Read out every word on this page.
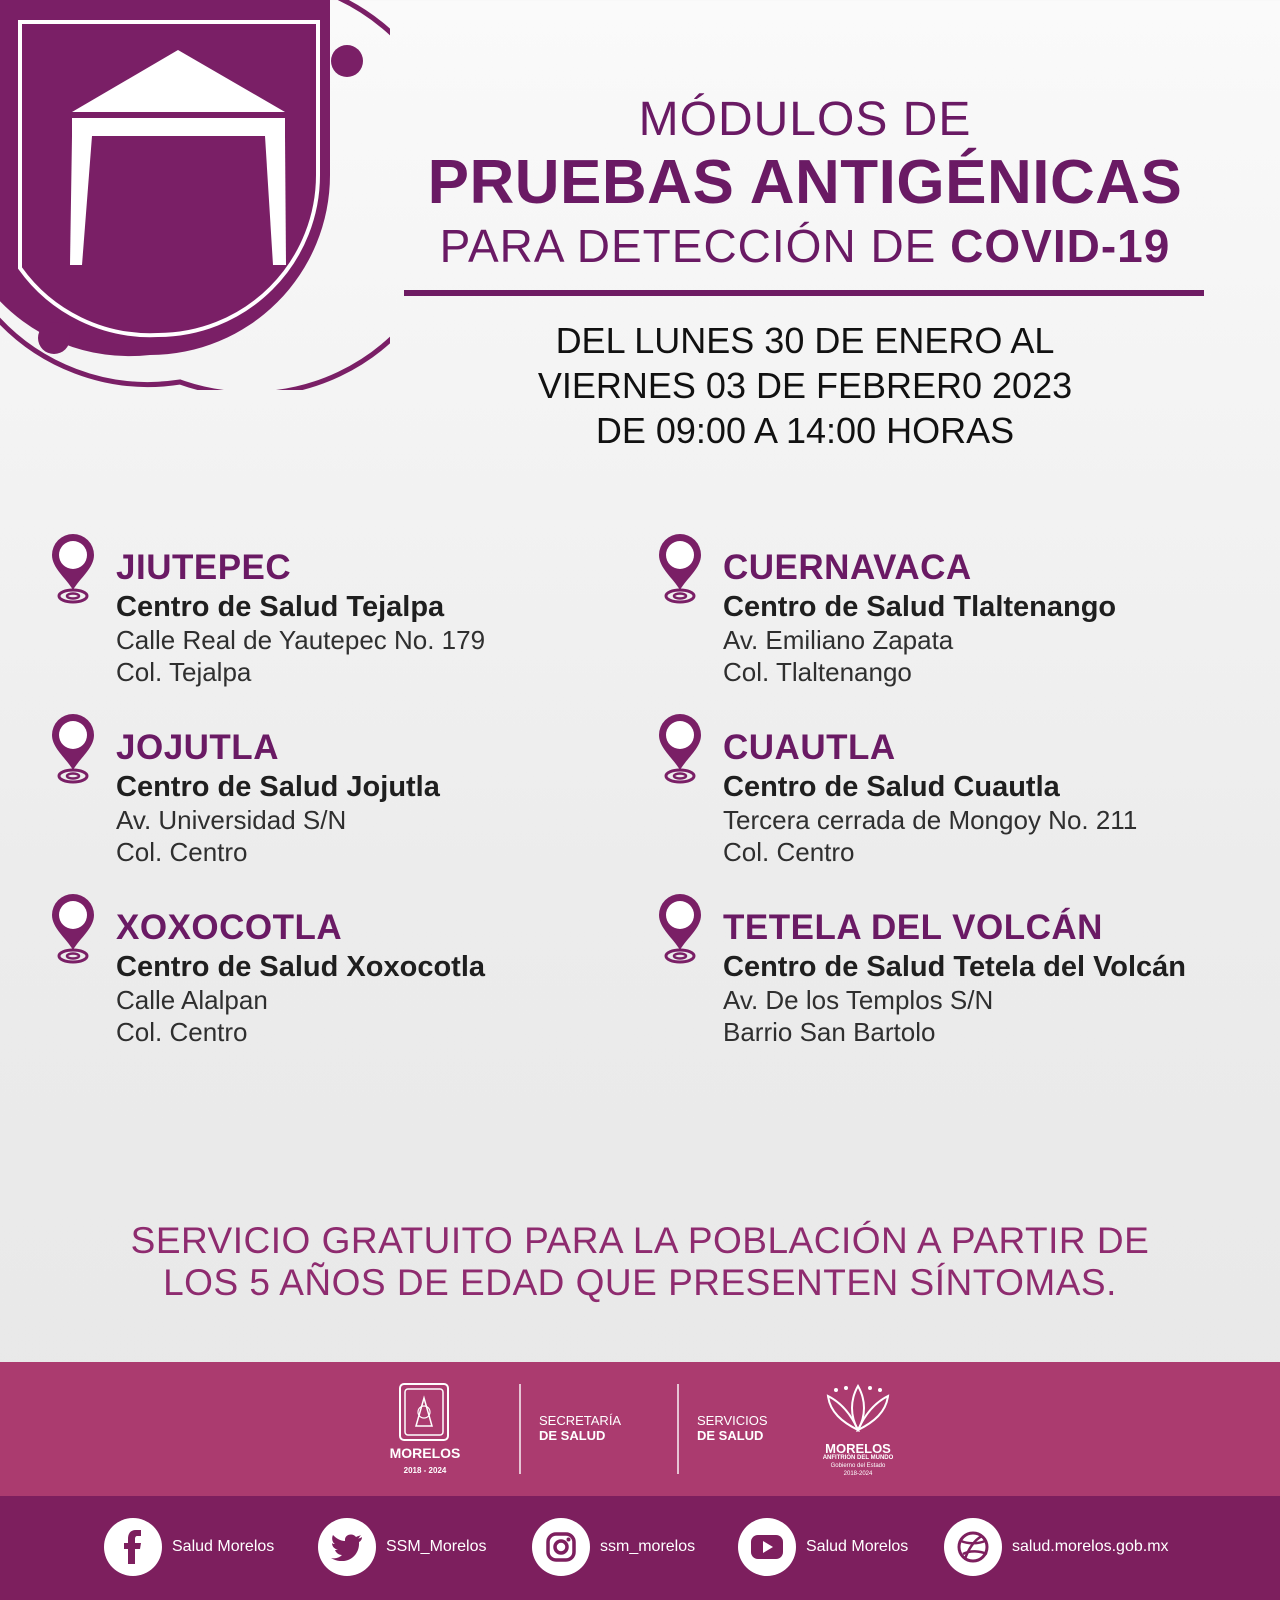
MÓDULOS DE
PRUEBAS ANTIGÉNICAS
PARA DETECCIÓN DE COVID-19
DEL LUNES 30 DE ENERO AL
VIERNES 03 DE FEBRER0 2023
DE 09:00 A 14:00 HORAS
JIUTEPEC
Centro de Salud Tejalpa
Calle Real de Yautepec No. 179
Col. Tejalpa
CUERNAVACA
Centro de Salud Tlaltenango
Av. Emiliano Zapata
Col. Tlaltenango
JOJUTLA
Centro de Salud Jojutla
Av. Universidad S/N
Col. Centro
CUAUTLA
Centro de Salud Cuautla
Tercera cerrada de Mongoy No. 211
Col. Centro
XOXOCOTLA
Centro de Salud Xoxocotla
Calle Alalpan
Col. Centro
TETELA DEL VOLCÁN
Centro de Salud Tetela del Volcán
Av. De los Templos S/N
Barrio San Bartolo
SERVICIO GRATUITO PARA LA POBLACIÓN A PARTIR DE
LOS 5 AÑOS DE EDAD QUE PRESENTEN SÍNTOMAS.
MORELOS
2018 - 2024
SECRETARÍA
DE SALUD
SERVICIOS
DE SALUD
MORELOS
ANFITRIÓN DEL MUNDO
Gobierno del Estado
2018-2024
Salud Morelos	SSM_Morelos	ssm_morelos	Salud Morelos	salud.morelos.gob.mx
